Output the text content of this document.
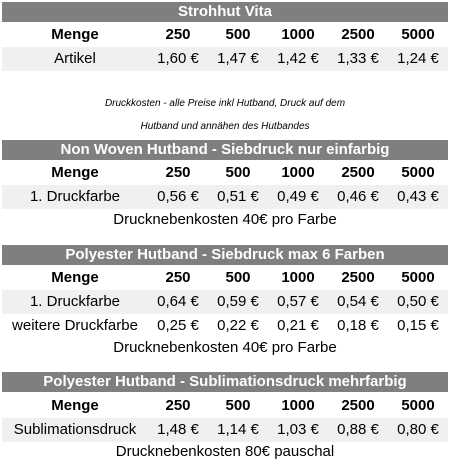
Strohhut Vita
Menge	250	500	1000	2500	5000
Artikel	1,60 €	1,47 €	1,42 €	1,33 €	1,24 €
Druckkosten - alle Preise inkl Hutband, Druck auf dem
Hutband und annähen des Hutbandes
Non Woven Hutband - Siebdruck nur einfarbig
Menge	250	500	1000	2500	5000
1. Druckfarbe	0,56 €	0,51 €	0,49 €	0,46 €	0,43 €
Drucknebenkosten 40€ pro Farbe
Polyester Hutband - Siebdruck max 6 Farben
Menge	250	500	1000	2500	5000
1. Druckfarbe	0,64 €	0,59 €	0,57 €	0,54 €	0,50 €
weitere Druckfarbe	0,25 €	0,22 €	0,21 €	0,18 €	0,15 €
Drucknebenkosten 40€ pro Farbe
Polyester Hutband - Sublimationsdruck mehrfarbig
Menge	250	500	1000	2500	5000
Sublimationsdruck	1,48 €	1,14 €	1,03 €	0,88 €	0,80 €
Drucknebenkosten 80€ pauschal
